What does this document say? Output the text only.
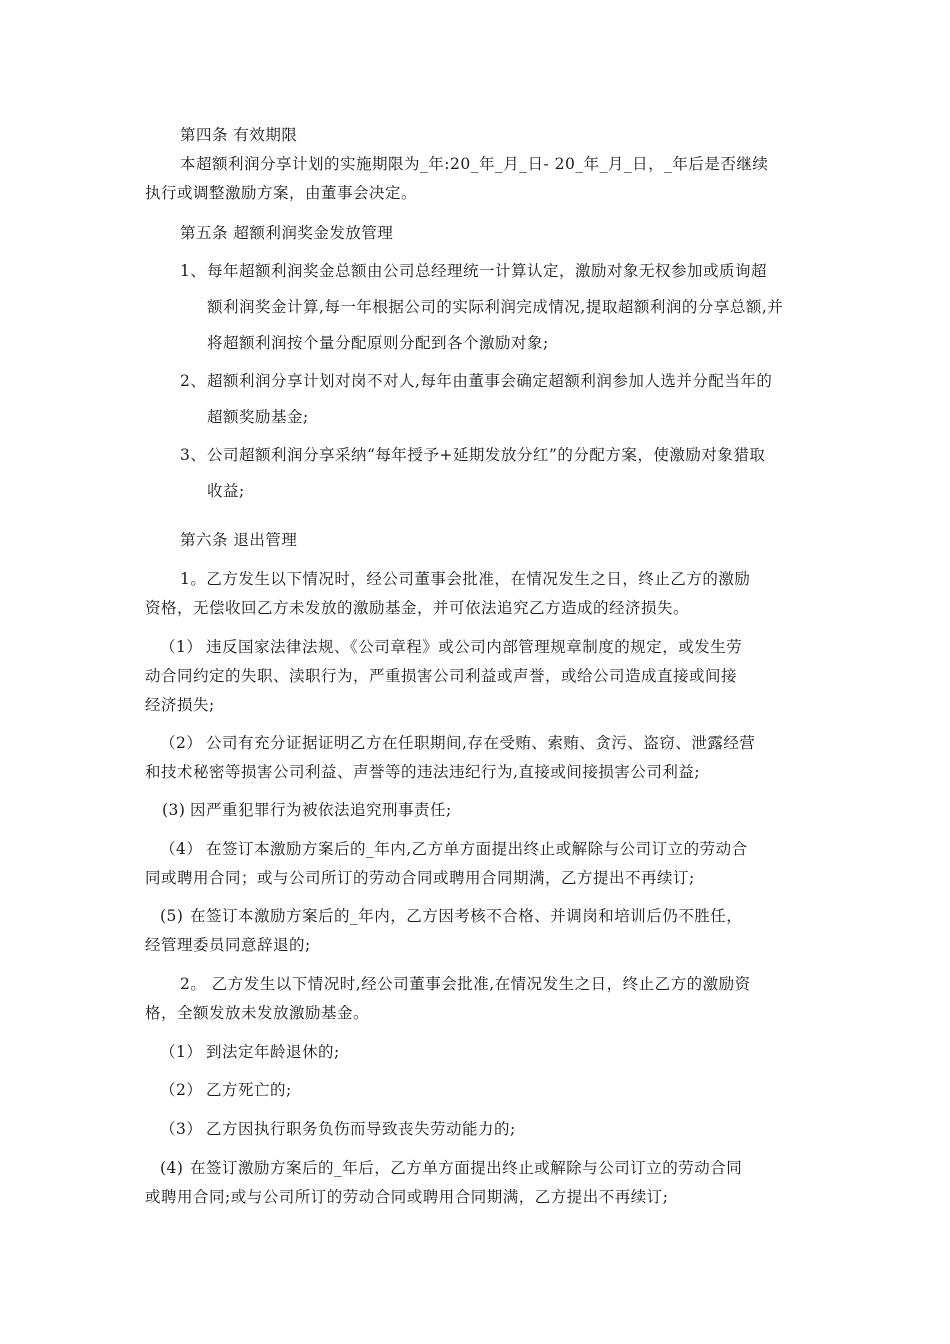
第四条 有效期限

本超额利润分享计划的实施期限为_年:20_年_月_日- 20_年_月_日，_年后是否继续

执行或调整激励方案，由董事会决定。

第五条 超额利润奖金发放管理

1、 每年超额利润奖金总额由公司总经理统一计算认定，激励对象无权参加或质询超

额利润奖金计算,每一年根据公司的实际利润完成情况,提取超额利润的分享总额,并

将超额利润按个量分配原则分配到各个激励对象;

2、 超额利润分享计划对岗不对人,每年由董事会确定超额利润参加人选并分配当年的

超额奖励基金;

3、 公司超额利润分享采纳“每年授予+延期发放分红”的分配方案，使激励对象猎取

收益;

第六条 退出管理

1。乙方发生以下情况时，经公司董事会批准，在情况发生之日，终止乙方的激励

资格，无偿收回乙方未发放的激励基金，并可依法追究乙方造成的经济损失。

（1） 违反国家法律法规、《公司章程》或公司内部管理规章制度的规定，或发生劳

动合同约定的失职、渎职行为，严重损害公司利益或声誉，或给公司造成直接或间接

经济损失;

（2） 公司有充分证据证明乙方在任职期间,存在受贿、索贿、贪污、盗窃、泄露经营

和技术秘密等损害公司利益、声誉等的违法违纪行为,直接或间接损害公司利益;

(3) 因严重犯罪行为被依法追究刑事责任;

（4） 在签订本激励方案后的_年内,乙方单方面提出终止或解除与公司订立的劳动合

同或聘用合同；或与公司所订的劳动合同或聘用合同期满，乙方提出不再续订;

(5) 在签订本激励方案后的_年内，乙方因考核不合格、并调岗和培训后仍不胜任，

经管理委员同意辞退的;

2。 乙方发生以下情况时,经公司董事会批准,在情况发生之日，终止乙方的激励资

格，全额发放未发放激励基金。

（1） 到法定年龄退休的;

（2） 乙方死亡的;

（3） 乙方因执行职务负伤而导致丧失劳动能力的;

(4) 在签订激励方案后的_年后，乙方单方面提出终止或解除与公司订立的劳动合同

或聘用合同;或与公司所订的劳动合同或聘用合同期满，乙方提出不再续订;
